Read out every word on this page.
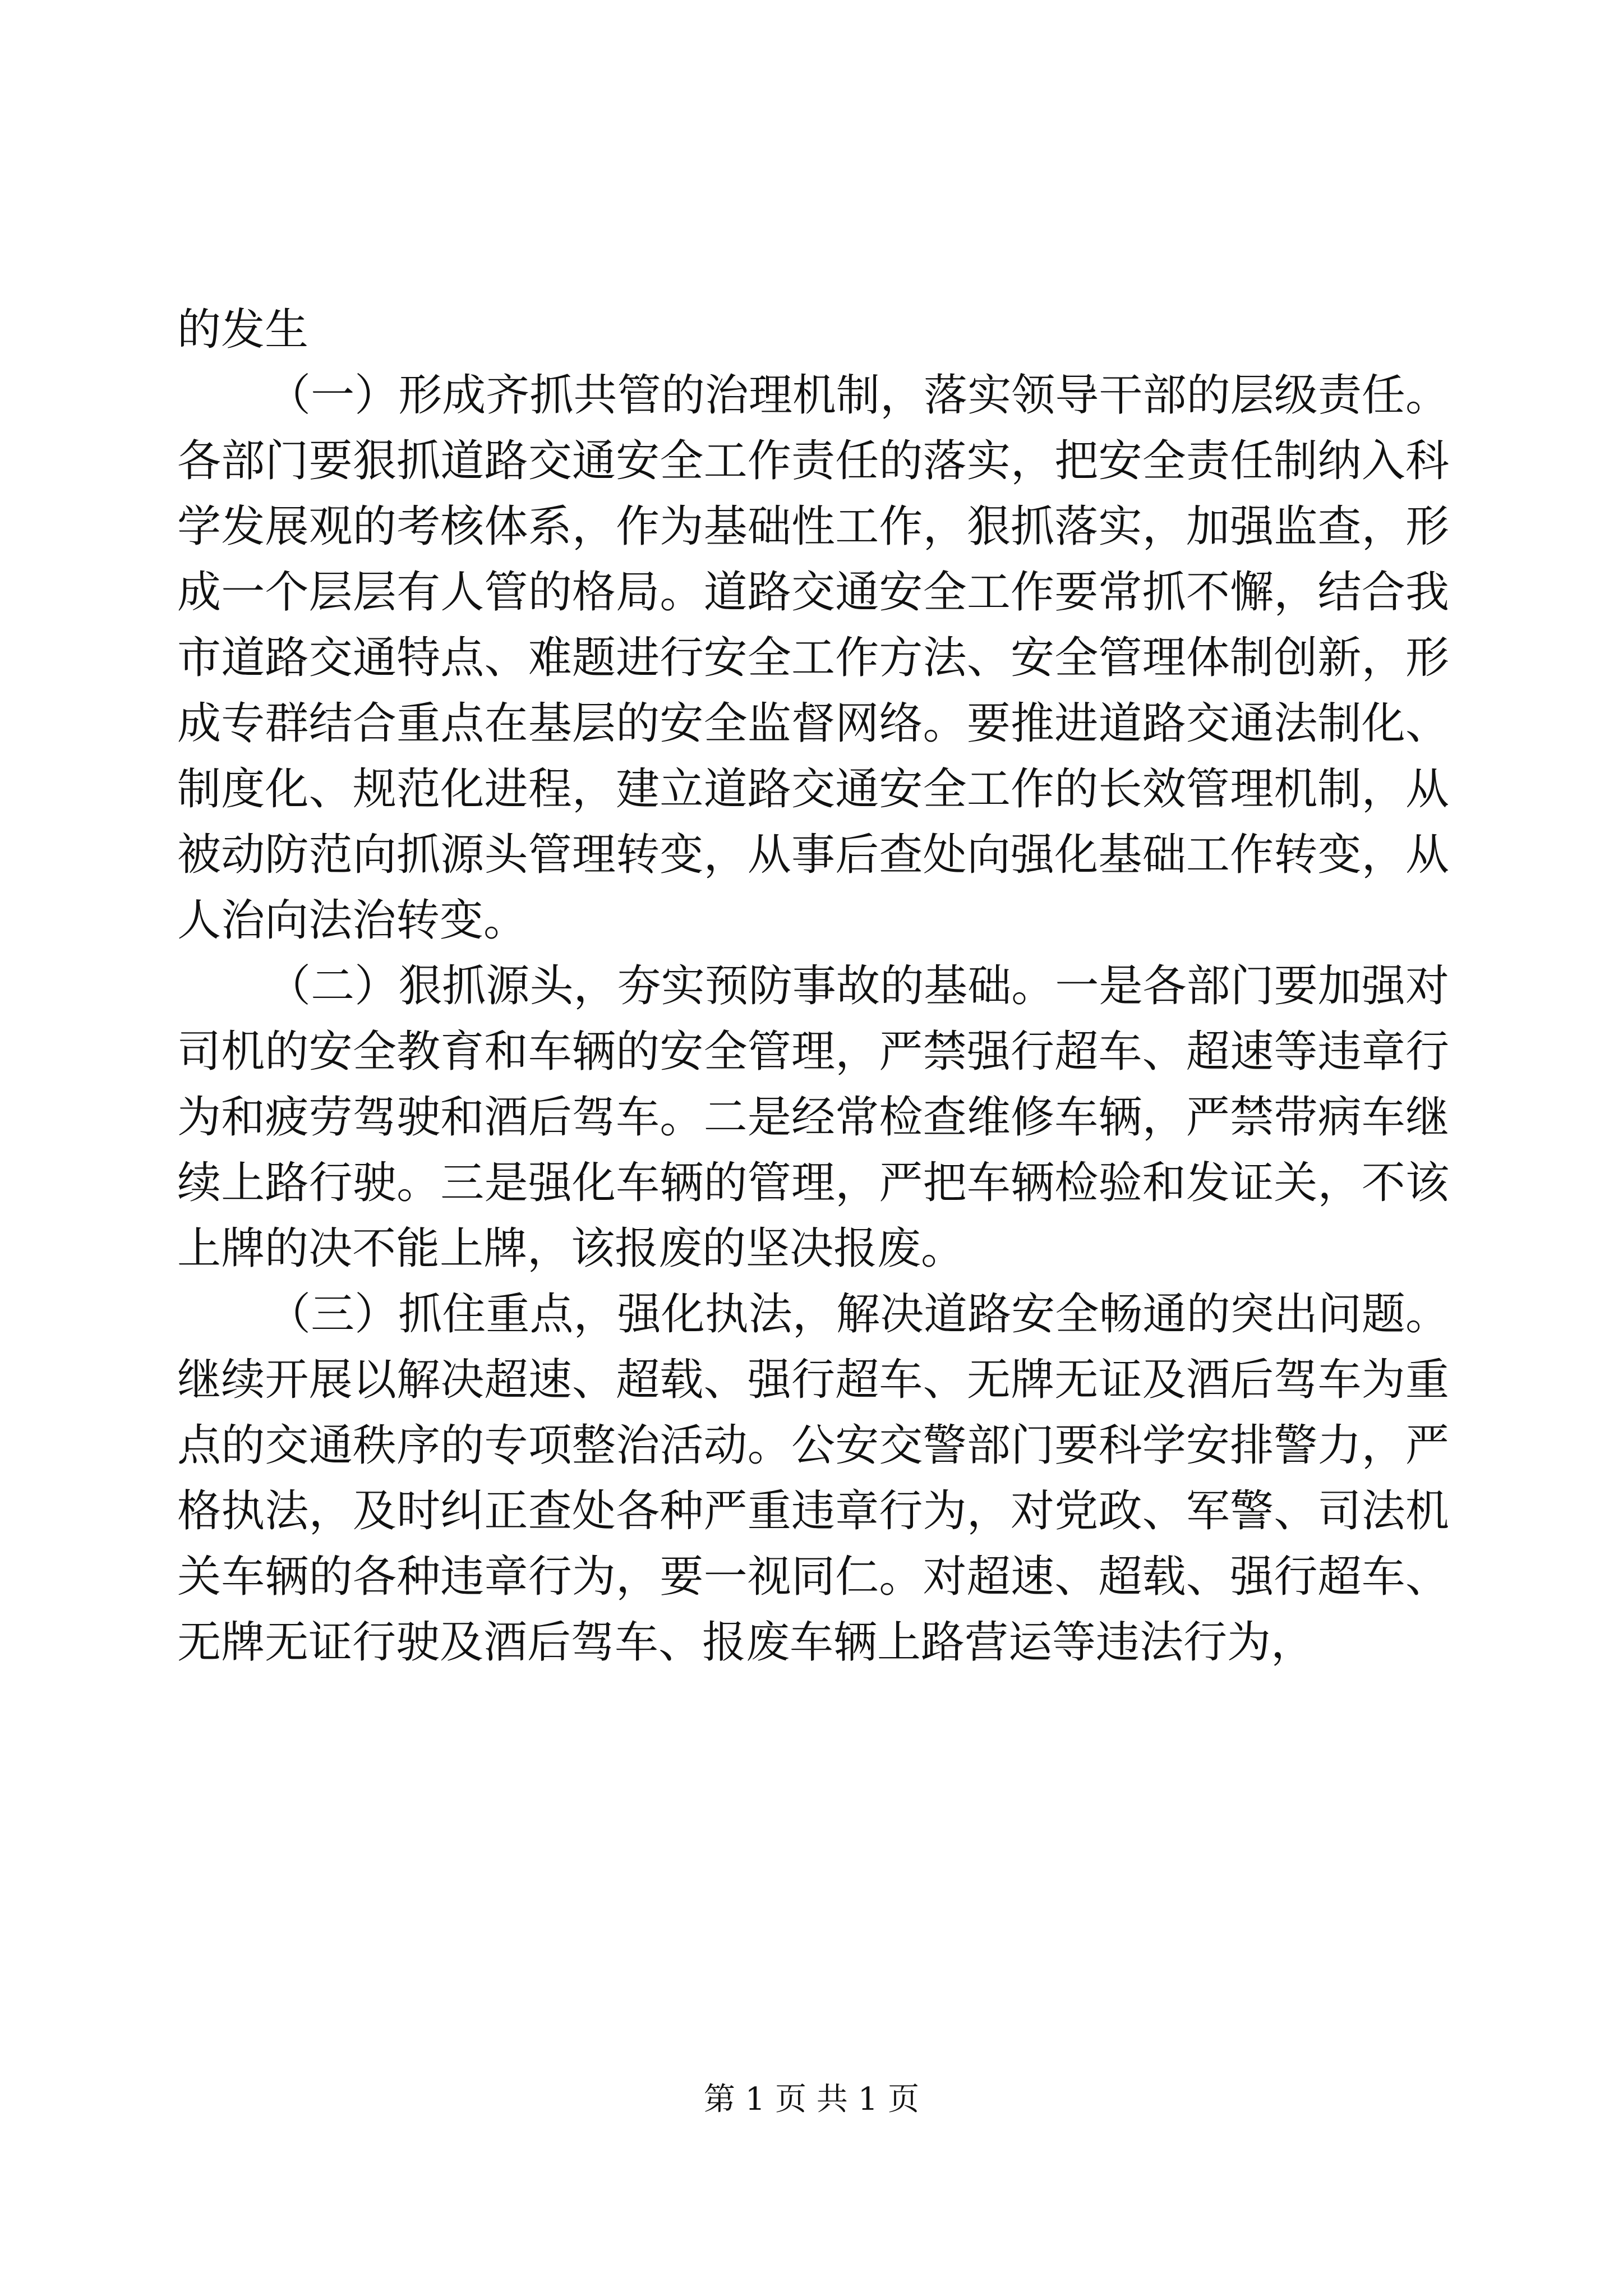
的发生

（一）形成齐抓共管的治理机制，落实领导干部的层级责任。各部门要狠抓道路交通安全工作责任的落实，把安全责任制纳入科学发展观的考核体系，作为基础性工作，狠抓落实，加强监查，形成一个层层有人管的格局。道路交通安全工作要常抓不懈，结合我市道路交通特点、难题进行安全工作方法、安全管理体制创新，形成专群结合重点在基层的安全监督网络。要推进道路交通法制化、制度化、规范化进程，建立道路交通安全工作的长效管理机制，从被动防范向抓源头管理转变，从事后查处向强化基础工作转变，从人治向法治转变。

（二）狠抓源头，夯实预防事故的基础。一是各部门要加强对司机的安全教育和车辆的安全管理，严禁强行超车、超速等违章行为和疲劳驾驶和酒后驾车。二是经常检查维修车辆，严禁带病车继续上路行驶。三是强化车辆的管理，严把车辆检验和发证关，不该上牌的决不能上牌，该报废的坚决报废。

（三）抓住重点，强化执法，解决道路安全畅通的突出问题。继续开展以解决超速、超载、强行超车、无牌无证及酒后驾车为重点的交通秩序的专项整治活动。公安交警部门要科学安排警力，严格执法，及时纠正查处各种严重违章行为，对党政、军警、司法机关车辆的各种违章行为，要一视同仁。对超速、超载、强行超车、无牌无证行驶及酒后驾车、报废车辆上路营运等违法行为，

第 1 页 共 1 页
